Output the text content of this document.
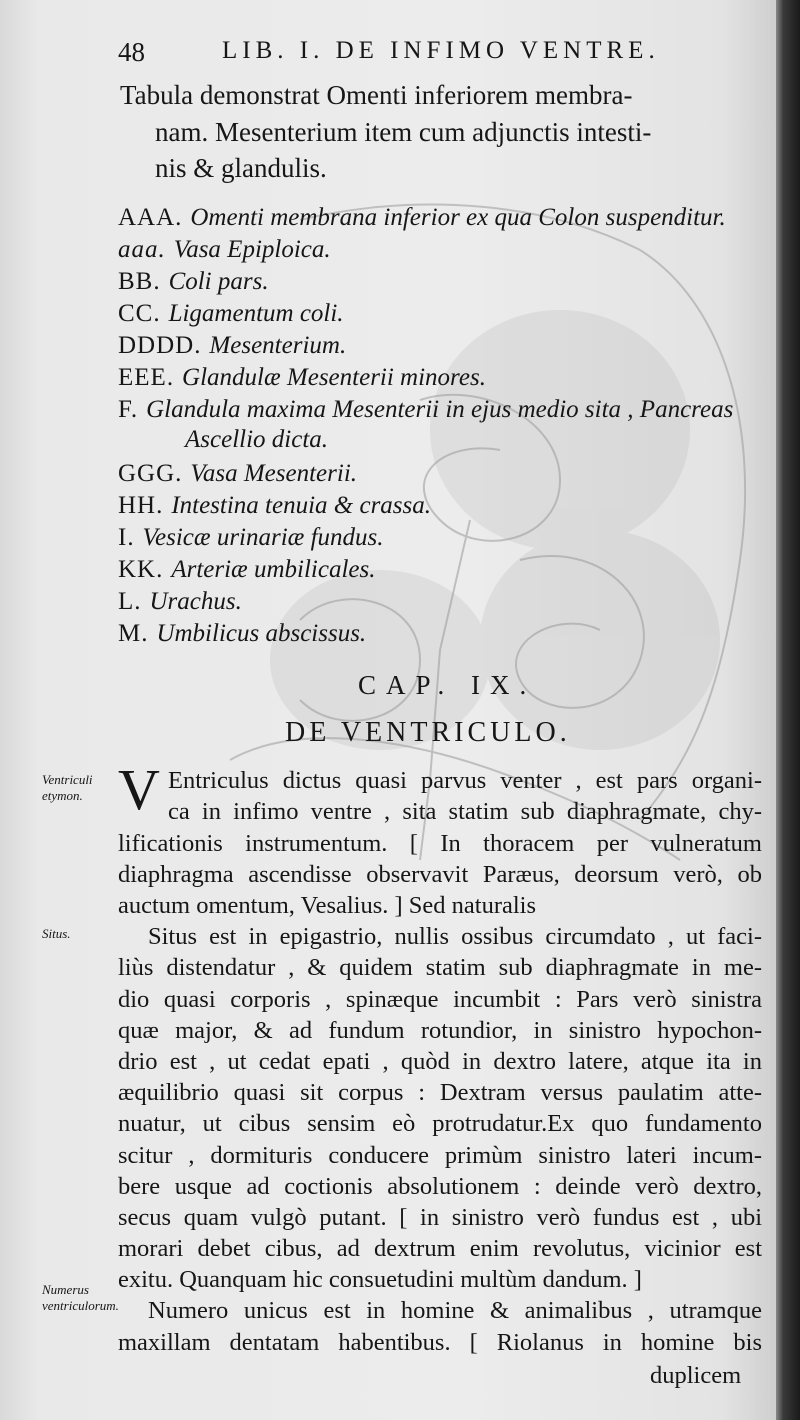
48	LIB. I. DE INFIMO VENTRE.
Tabula demonstrat Omenti inferiorem membra-
nam. Mesenterium item cum adjunctis intesti-
nis & glandulis.
AAA. Omenti membrana inferior ex qua Colon suspenditur.
aaa. Vasa Epiploica.
BB. Coli pars.
CC. Ligamentum coli.
DDDD. Mesenterium.
EEE. Glandulæ Mesenterii minores.
F. Glandula maxima Mesenterii in ejus medio sita , Pancreas
Ascellio dicta.
GGG. Vasa Mesenterii.
HH. Intestina tenuia & crassa.
I. Vesicæ urinariæ fundus.
KK. Arteriæ umbilicales.
L. Urachus.
M. Umbilicus abscissus.
CAP. IX.
DE VENTRICULO.
Ventriculi etymon.
Situs.
Numerus ventriculorum.
V Entriculus dictus quasi parvus venter , est pars organi-
ca in infimo ventre , sita statim sub diaphragmate, chy-
lificationis instrumentum. [ In thoracem per vulneratum
diaphragma ascendisse observavit Paræus, deorsum verò, ob
auctum omentum, Vesalius. ] Sed naturalis
Situs est in epigastrio, nullis ossibus circumdato , ut faci-
liùs distendatur , & quidem statim sub diaphragmate in me-
dio quasi corporis , spinæque incumbit : Pars verò sinistra
quæ major, & ad fundum rotundior, in sinistro hypochon-
drio est , ut cedat epati , quòd in dextro latere, atque ita in
æquilibrio quasi sit corpus : Dextram versus paulatim atte-
nuatur, ut cibus sensim eò protrudatur.Ex quo fundamento
scitur , dormituris conducere primùm sinistro lateri incum-
bere usque ad coctionis absolutionem : deinde verò dextro,
secus quam vulgò putant. [ in sinistro verò fundus est , ubi
morari debet cibus, ad dextrum enim revolutus, vicinior est
exitu. Quanquam hic consuetudini multùm dandum. ]
Numero unicus est in homine & animalibus , utramque
maxillam dentatam habentibus. [ Riolanus in homine bis
duplicem
